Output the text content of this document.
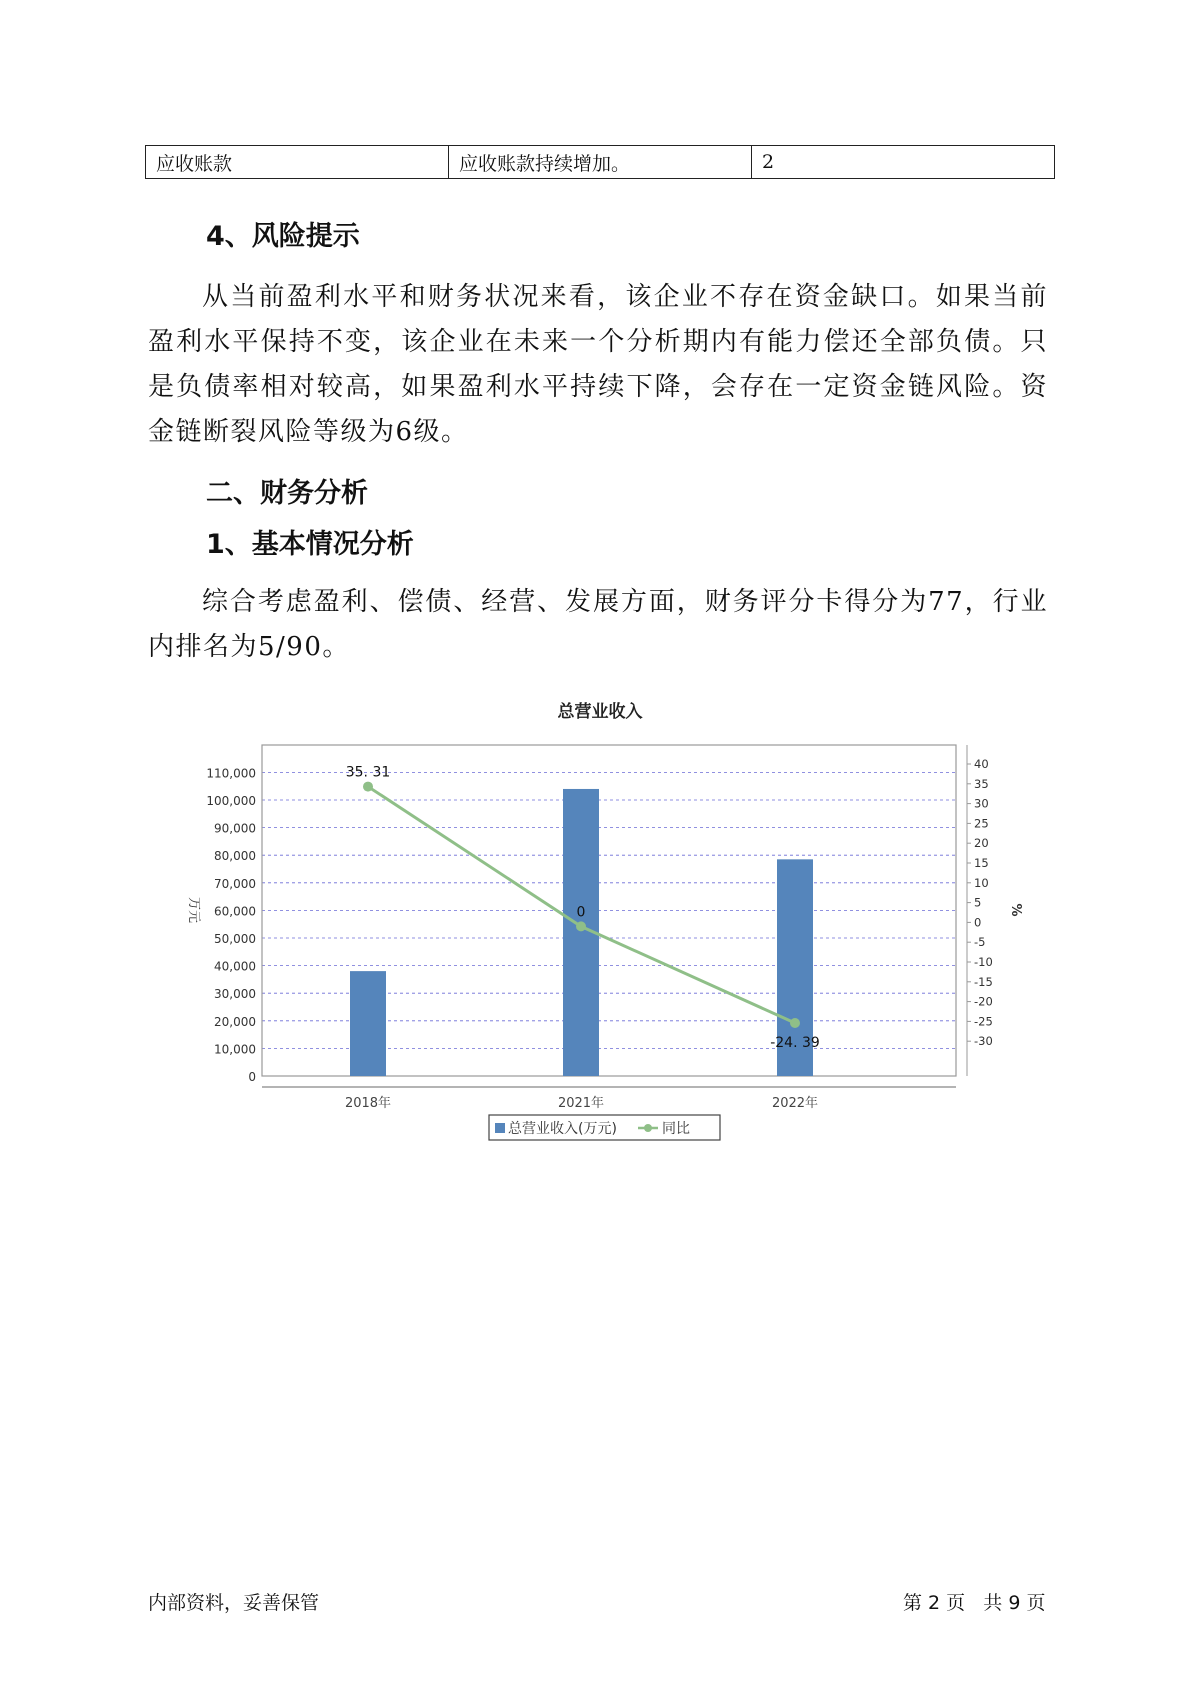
应收账款	应收账款持续增加。	2
4、风险提示
从当前盈利水平和财务状况来看，该企业不存在资金缺口。如果当前盈利水平保持不变，该企业在未来一个分析期内有能力偿还全部负债。只是负债率相对较高，如果盈利水平持续下降，会存在一定资金链风险。资金链断裂风险等级为6级。
二、财务分析
1、基本情况分析
综合考虑盈利、偿债、经营、发展方面，财务评分卡得分为77，行业内排名为5/90。
总营业收入
0
10,000
20,000
30,000
40,000
50,000
60,000
70,000
80,000
90,000
100,000
110,000
40
35
30
25
20
15
10
5
0
-5
-10
-15
-20
-25
-30
万元	%
35. 31
0
-24. 39
2018年	2021年	2022年
总营业收入(万元)	同比
内部资料，妥善保管	第 2 页   共 9 页
